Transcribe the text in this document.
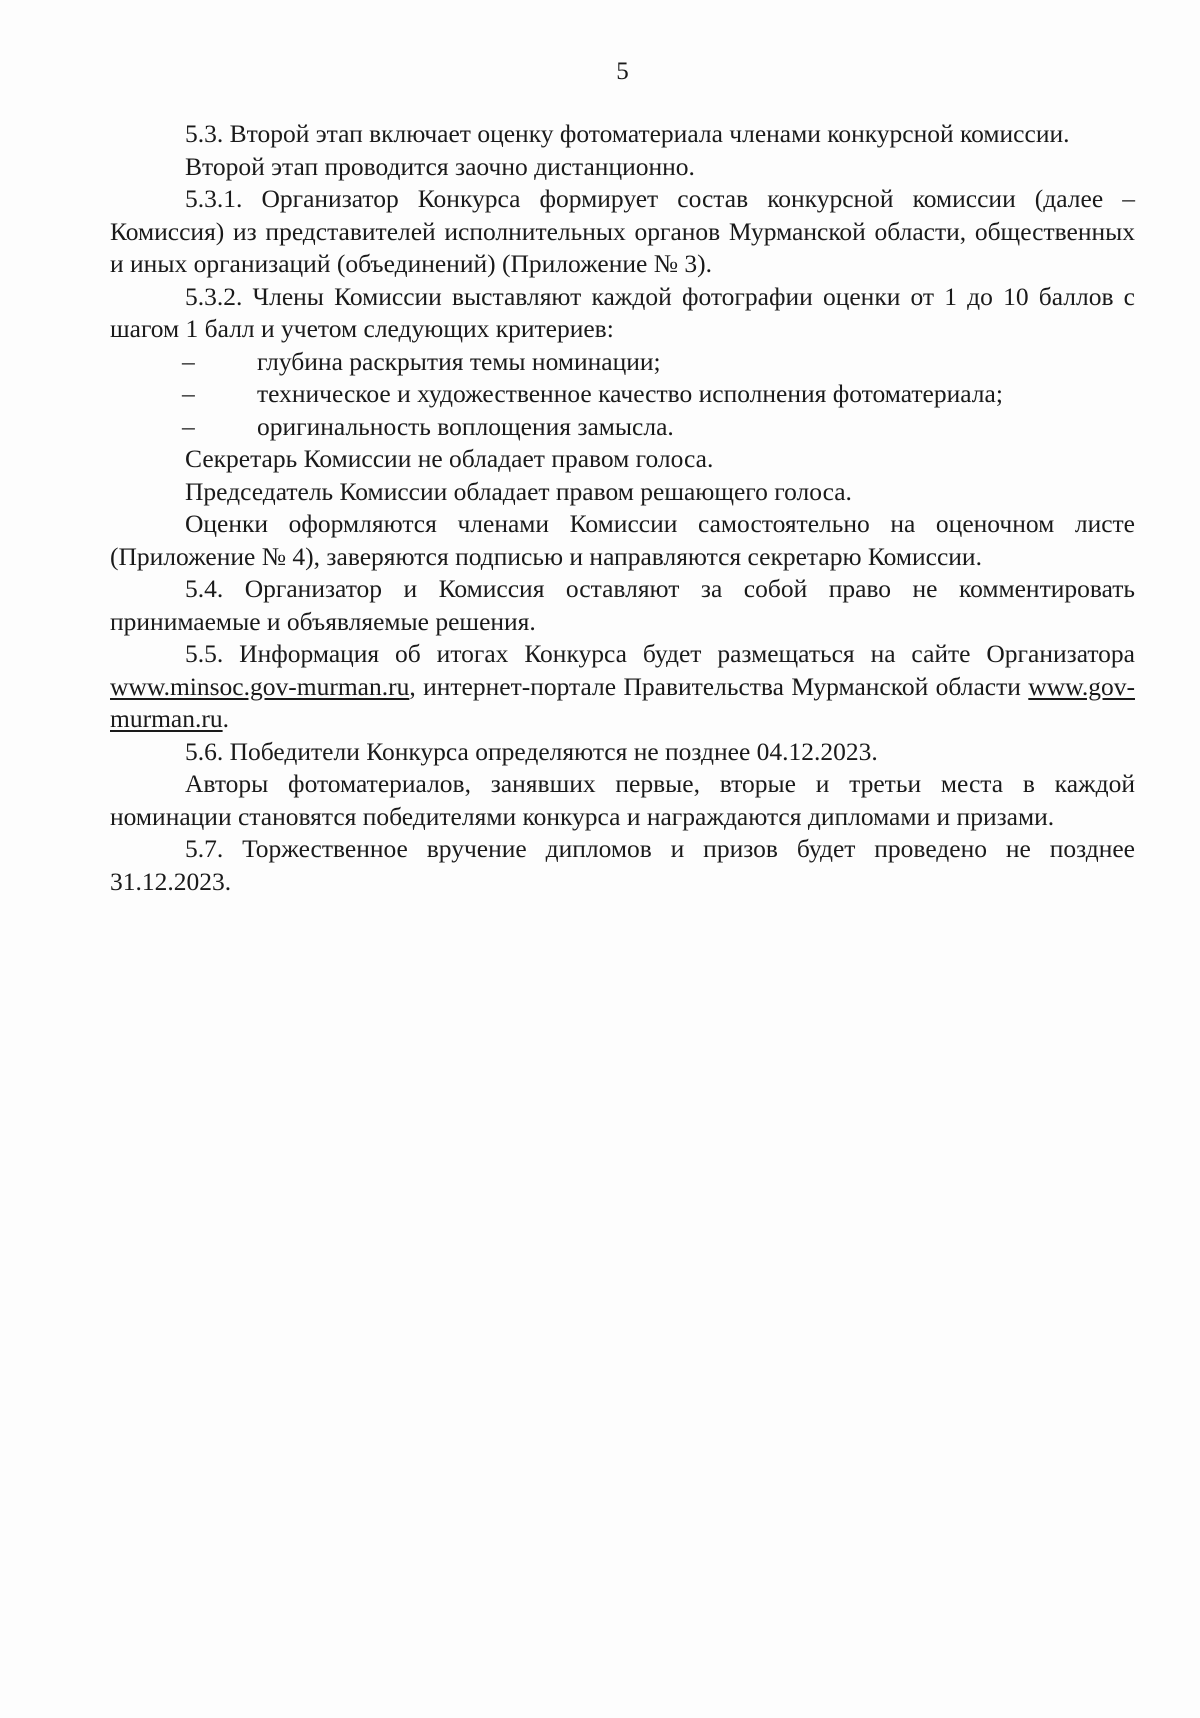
5

5.3. Второй этап включает оценку фотоматериала членами конкурсной комиссии.

Второй этап проводится заочно дистанционно.

5.3.1. Организатор Конкурса формирует состав конкурсной комиссии (далее – Комиссия) из представителей исполнительных органов Мурманской области, общественных и иных организаций (объединений) (Приложение № 3).

5.3.2. Члены Комиссии выставляют каждой фотографии оценки от 1 до 10 баллов с шагом 1 балл и учетом следующих критериев:

– глубина раскрытия темы номинации;
– техническое и художественное качество исполнения фотоматериала;
– оригинальность воплощения замысла.

Секретарь Комиссии не обладает правом голоса.

Председатель Комиссии обладает правом решающего голоса.

Оценки оформляются членами Комиссии самостоятельно на оценочном листе (Приложение № 4), заверяются подписью и направляются секретарю Комиссии.

5.4. Организатор и Комиссия оставляют за собой право не комментировать принимаемые и объявляемые решения.

5.5. Информация об итогах Конкурса будет размещаться на сайте Организатора www.minsoc.gov-murman.ru, интернет-портале Правительства Мурманской области www.gov-murman.ru.

5.6. Победители Конкурса определяются не позднее 04.12.2023.

Авторы фотоматериалов, занявших первые, вторые и третьи места в каждой номинации становятся победителями конкурса и награждаются дипломами и призами.

5.7. Торжественное вручение дипломов и призов будет проведено не позднее 31.12.2023.
